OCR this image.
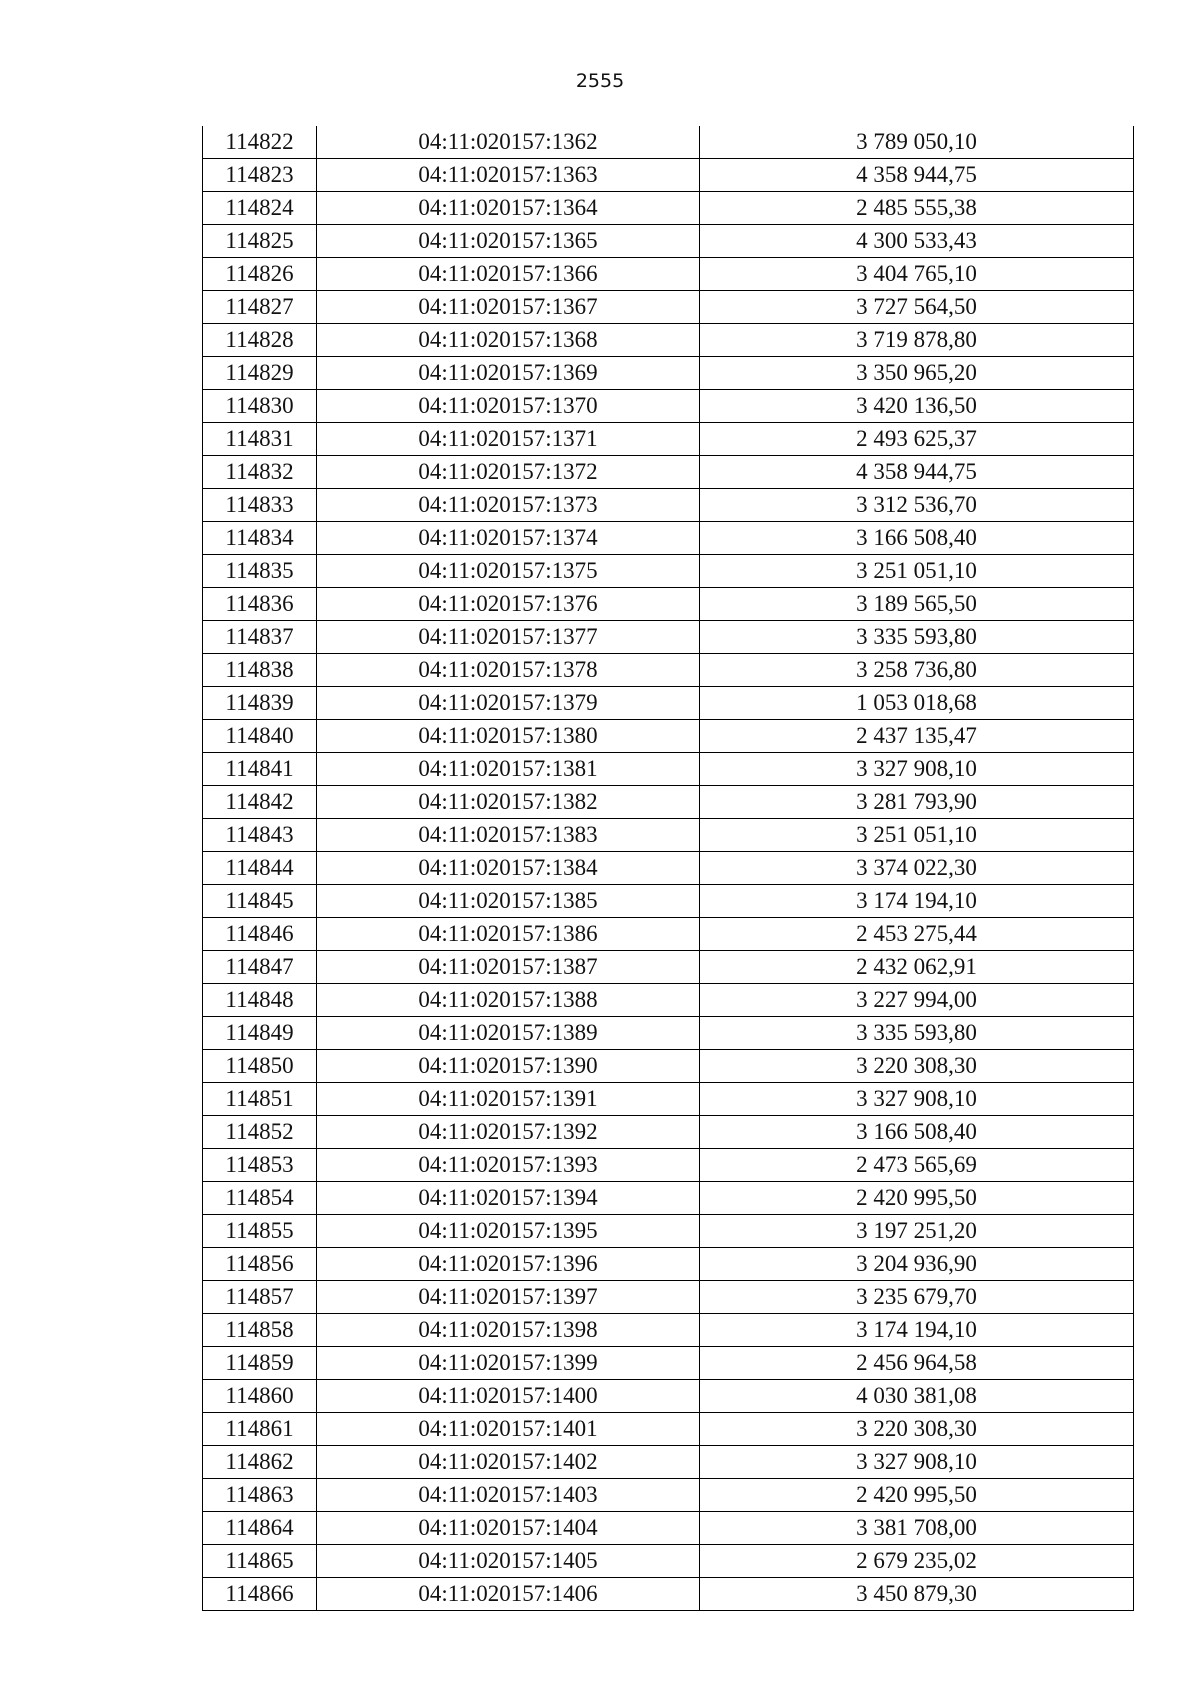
2555
114822	04:11:020157:1362	3 789 050,10
114823	04:11:020157:1363	4 358 944,75
114824	04:11:020157:1364	2 485 555,38
114825	04:11:020157:1365	4 300 533,43
114826	04:11:020157:1366	3 404 765,10
114827	04:11:020157:1367	3 727 564,50
114828	04:11:020157:1368	3 719 878,80
114829	04:11:020157:1369	3 350 965,20
114830	04:11:020157:1370	3 420 136,50
114831	04:11:020157:1371	2 493 625,37
114832	04:11:020157:1372	4 358 944,75
114833	04:11:020157:1373	3 312 536,70
114834	04:11:020157:1374	3 166 508,40
114835	04:11:020157:1375	3 251 051,10
114836	04:11:020157:1376	3 189 565,50
114837	04:11:020157:1377	3 335 593,80
114838	04:11:020157:1378	3 258 736,80
114839	04:11:020157:1379	1 053 018,68
114840	04:11:020157:1380	2 437 135,47
114841	04:11:020157:1381	3 327 908,10
114842	04:11:020157:1382	3 281 793,90
114843	04:11:020157:1383	3 251 051,10
114844	04:11:020157:1384	3 374 022,30
114845	04:11:020157:1385	3 174 194,10
114846	04:11:020157:1386	2 453 275,44
114847	04:11:020157:1387	2 432 062,91
114848	04:11:020157:1388	3 227 994,00
114849	04:11:020157:1389	3 335 593,80
114850	04:11:020157:1390	3 220 308,30
114851	04:11:020157:1391	3 327 908,10
114852	04:11:020157:1392	3 166 508,40
114853	04:11:020157:1393	2 473 565,69
114854	04:11:020157:1394	2 420 995,50
114855	04:11:020157:1395	3 197 251,20
114856	04:11:020157:1396	3 204 936,90
114857	04:11:020157:1397	3 235 679,70
114858	04:11:020157:1398	3 174 194,10
114859	04:11:020157:1399	2 456 964,58
114860	04:11:020157:1400	4 030 381,08
114861	04:11:020157:1401	3 220 308,30
114862	04:11:020157:1402	3 327 908,10
114863	04:11:020157:1403	2 420 995,50
114864	04:11:020157:1404	3 381 708,00
114865	04:11:020157:1405	2 679 235,02
114866	04:11:020157:1406	3 450 879,30
